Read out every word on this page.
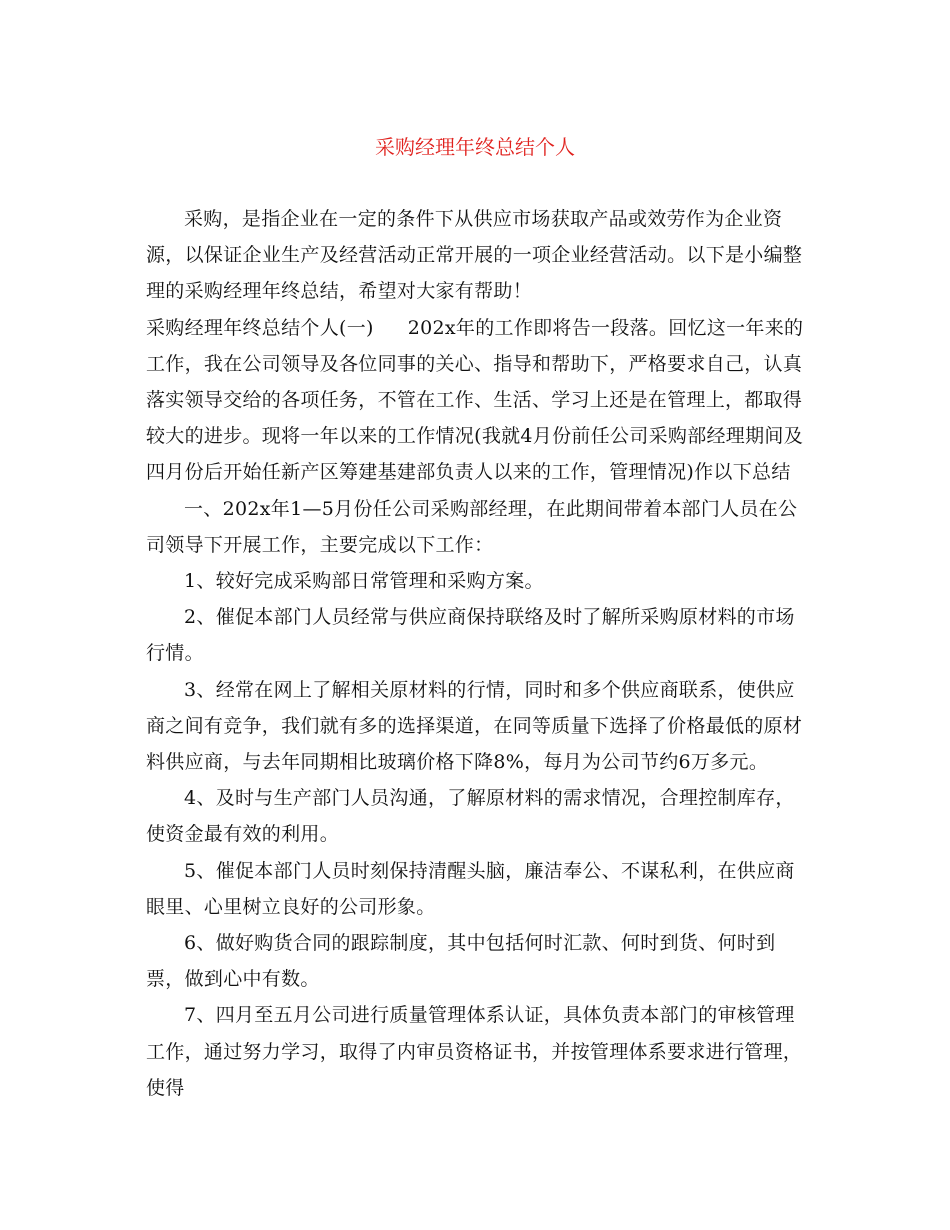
采购经理年终总结个人

采购，是指企业在一定的条件下从供应市场获取产品或效劳作为企业资源，以保证企业生产及经营活动正常开展的一项企业经营活动。以下是小编整理的采购经理年终总结，希望对大家有帮助！

采购经理年终总结个人(一) 202x年的工作即将告一段落。回忆这一年来的工作，我在公司领导及各位同事的关心、指导和帮助下，严格要求自己，认真落实领导交给的各项任务，不管在工作、生活、学习上还是在管理上，都取得较大的进步。现将一年以来的工作情况(我就4月份前任公司采购部经理期间及四月份后开始任新产区筹建基建部负责人以来的工作，管理情况)作以下总结

一、202x年1—5月份任公司采购部经理，在此期间带着本部门人员在公司领导下开展工作，主要完成以下工作：

1、较好完成采购部日常管理和采购方案。

2、催促本部门人员经常与供应商保持联络及时了解所采购原材料的市场行情。

3、经常在网上了解相关原材料的行情，同时和多个供应商联系，使供应商之间有竞争，我们就有多的选择渠道，在同等质量下选择了价格最低的原材料供应商，与去年同期相比玻璃价格下降8%，每月为公司节约6万多元。

4、及时与生产部门人员沟通，了解原材料的需求情况，合理控制库存，使资金最有效的利用。

5、催促本部门人员时刻保持清醒头脑，廉洁奉公、不谋私利，在供应商眼里、心里树立良好的公司形象。

6、做好购货合同的跟踪制度，其中包括何时汇款、何时到货、何时到票，做到心中有数。

7、四月至五月公司进行质量管理体系认证，具体负责本部门的审核管理工作，通过努力学习，取得了内审员资格证书，并按管理体系要求进行管理，使得
